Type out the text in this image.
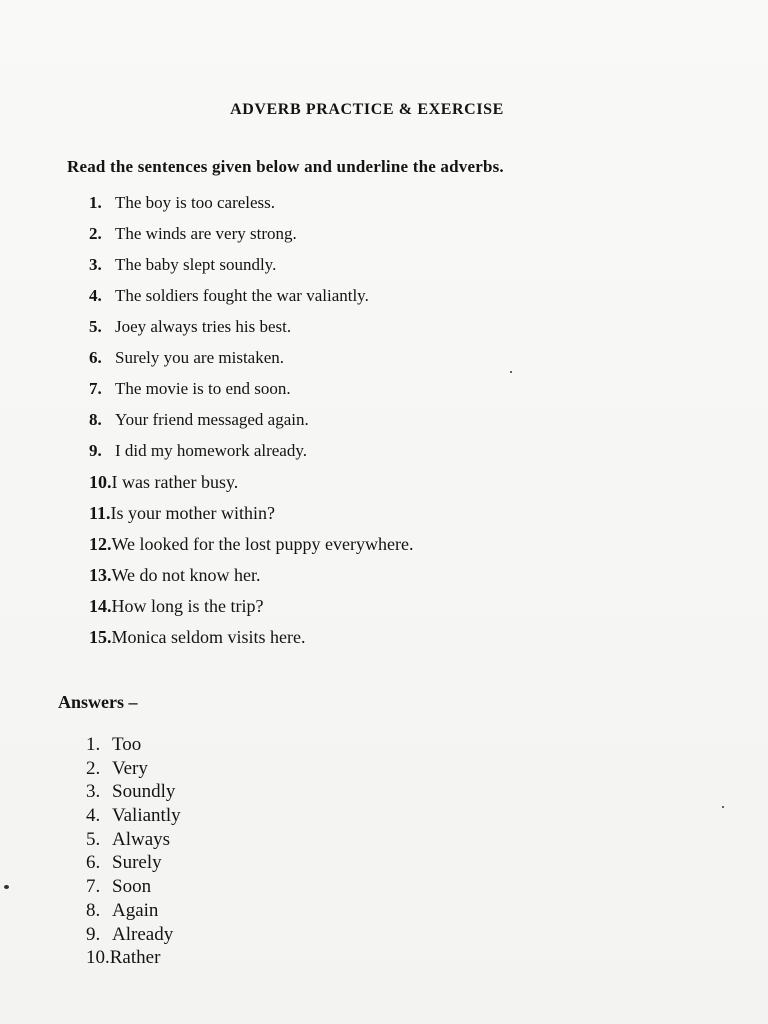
ADVERB PRACTICE & EXERCISE
Read the sentences given below and underline the adverbs.
1. The boy is too careless.
2. The winds are very strong.
3. The baby slept soundly.
4. The soldiers fought the war valiantly.
5. Joey always tries his best.
6. Surely you are mistaken.
7. The movie is to end soon.
8. Your friend messaged again.
9. I did my homework already.
10. I was rather busy.
11. Is your mother within?
12. We looked for the lost puppy everywhere.
13. We do not know her.
14. How long is the trip?
15. Monica seldom visits here.
Answers –
1. Too
2. Very
3. Soundly
4. Valiantly
5. Always
6. Surely
7. Soon
8. Again
9. Already
10. Rather
